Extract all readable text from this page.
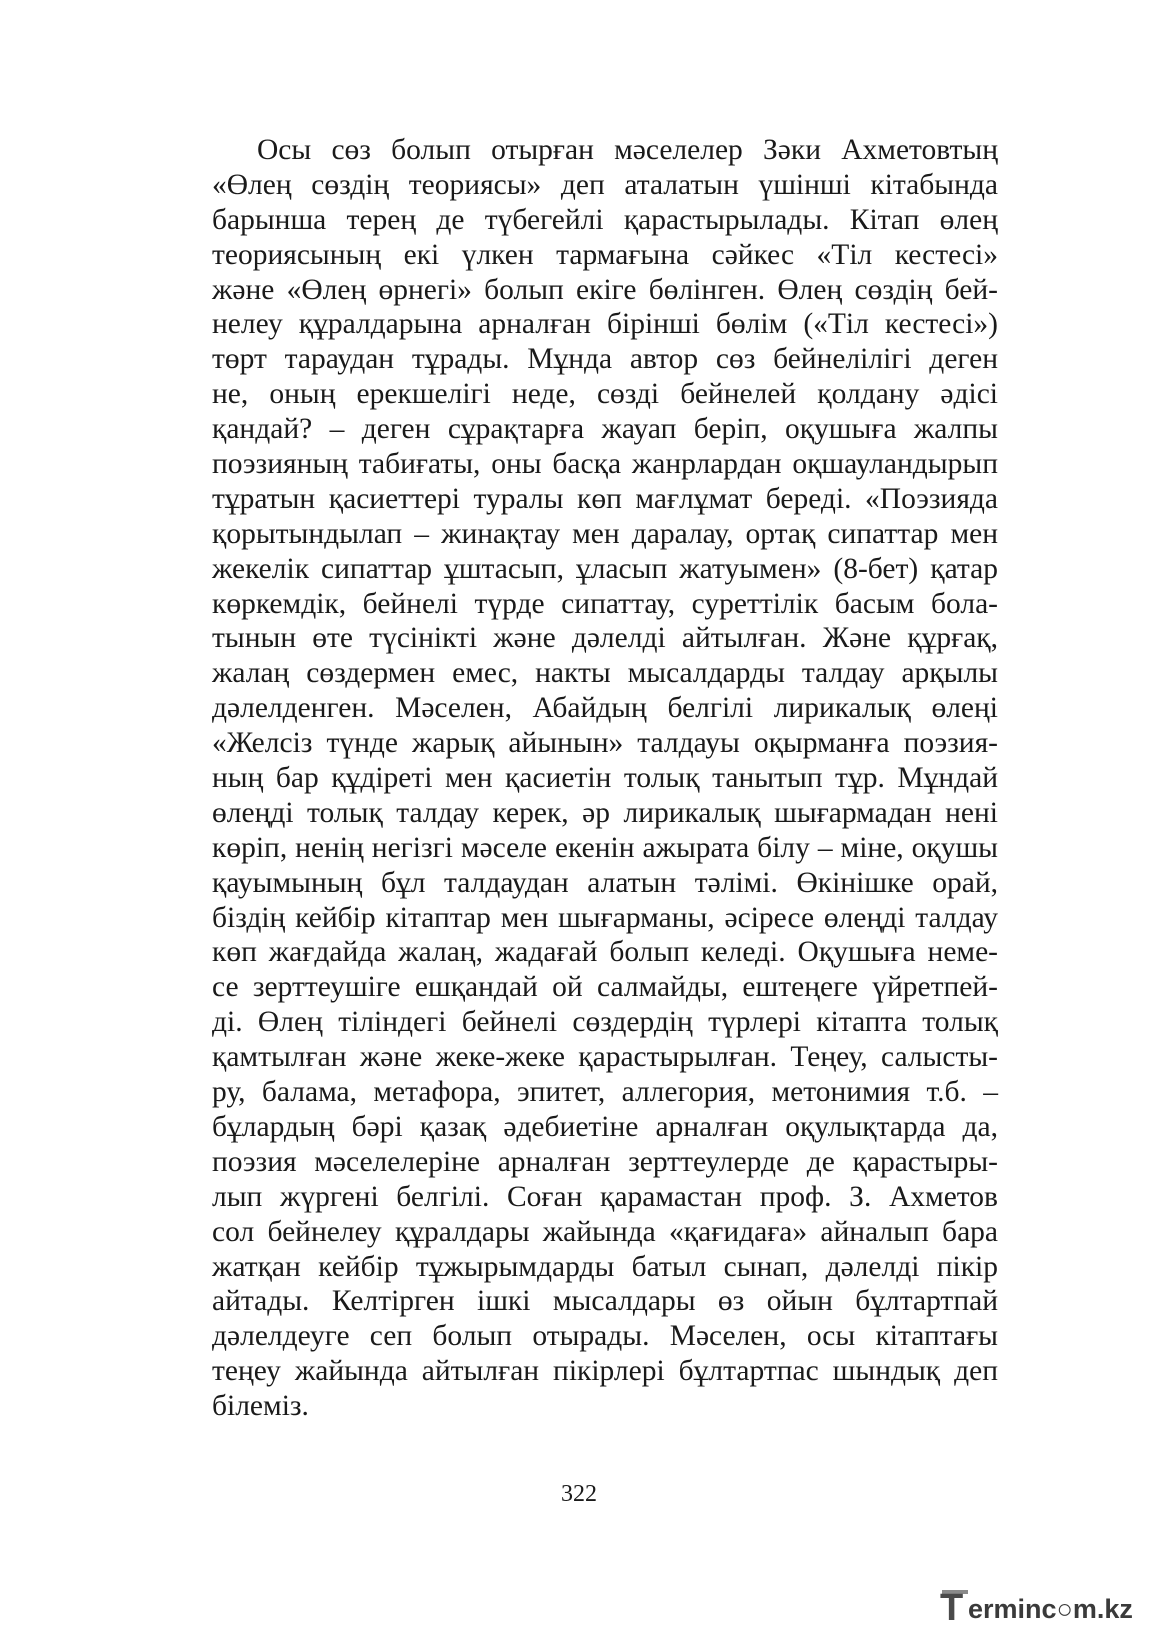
Осы сөз болып отырған мәселелер Зәки Ахметовтың
«Өлең сөздің теориясы» деп аталатын үшінші кітабында
барынша терең де түбегейлі қарастырылады. Кітап өлең
теориясының екі үлкен тармағына сәйкес «Тіл кестесі»
және «Өлең өрнегі» болып екіге бөлінген. Өлең сөздің бей-
нелеу құралдарына арналған бірінші бөлім («Тіл кестесі»)
төрт тараудан тұрады. Мұнда автор сөз бейнелілігі деген
не, оның ерекшелігі неде, сөзді бейнелей қолдану әдісі
қандай? – деген сұрақтарға жауап беріп, оқушыға жалпы
поэзияның табиғаты, оны басқа жанрлардан оқшауландырып
тұратын қасиеттері туралы көп мағлұмат береді. «Поэзияда
қорытындылап – жинақтау мен даралау, ортақ сипаттар мен
жекелік сипаттар ұштасып, ұласып жатуымен» (8-бет) қатар
көркемдік, бейнелі түрде сипаттау, суреттілік басым бола-
тынын өте түсінікті және дәлелді айтылған. Және құрғақ,
жалаң сөздермен емес, накты мысалдарды талдау арқылы
дәлелденген. Мәселен, Абайдың белгілі лирикалық өлеңі
«Желсіз түнде жарық айынын» талдауы оқырманға поэзия-
ның бар құдіреті мен қасиетін толық танытып тұр. Мұндай
өлеңді толық талдау керек, әр лирикалық шығармадан нені
көріп, ненің негізгі мәселе екенін ажырата білу – міне, оқушы
қауымының бұл талдаудан алатын тәлімі. Өкінішке орай,
біздің кейбір кітаптар мен шығарманы, әсіресе өлеңді талдау
көп жағдайда жалаң, жадағай болып келеді. Оқушыға неме-
се зерттеушіге ешқандай ой салмайды, ештеңеге үйретпей-
ді. Өлең тіліндегі бейнелі сөздердің түрлері кітапта толық
қамтылған және жеке-жеке қарастырылған. Теңеу, салысты-
ру, балама, метафора, эпитет, аллегория, метонимия т.б. –
бұлардың бәрі қазақ әдебиетіне арналған оқулықтарда да,
поэзия мәселелеріне арналған зерттеулерде де қарастыры-
лып жүргені белгілі. Соған қарамастан проф. З. Ахметов
сол бейнелеу құралдары жайында «қағидаға» айналып бара
жатқан кейбір тұжырымдарды батыл сынап, дәлелді пікір
айтады. Келтірген ішкі мысалдары өз ойын бұлтартпай
дәлелдеуге сеп болып отырады. Мәселен, осы кітаптағы
теңеу жайында айтылған пікірлері бұлтартпас шындық деп
білеміз.
322
T erminc○m.kz
